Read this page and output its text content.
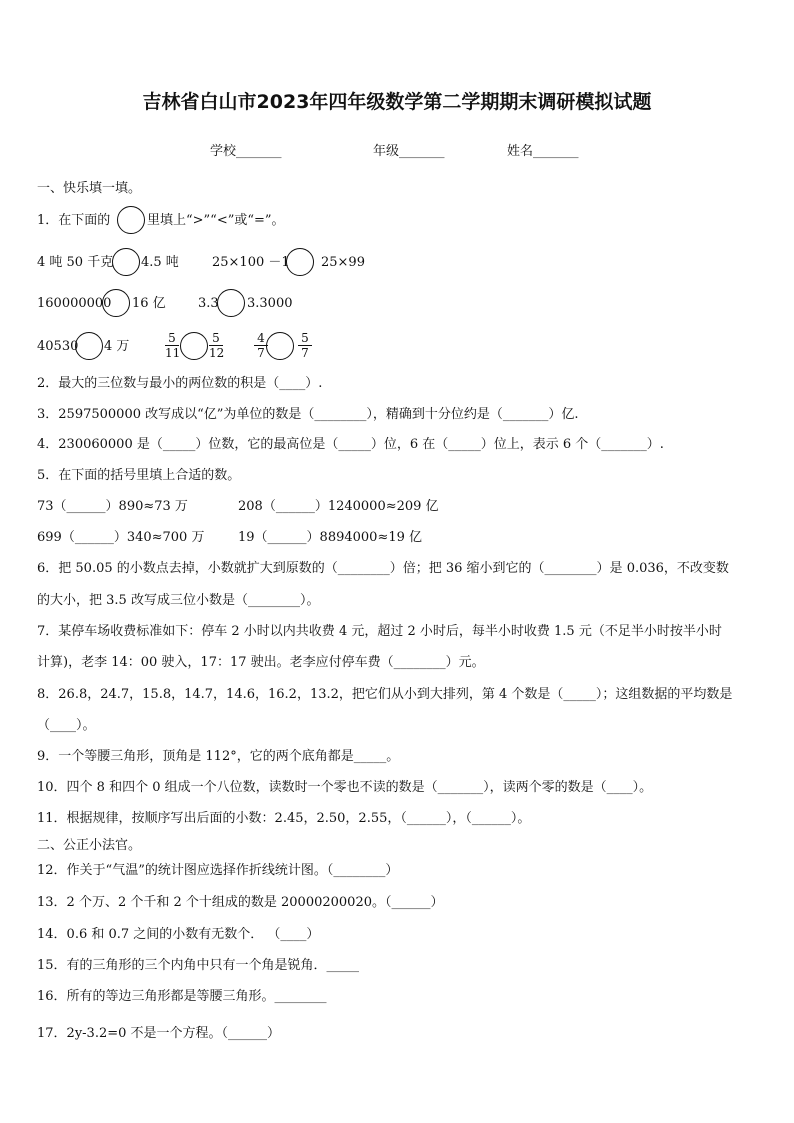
吉林省白山市2023年四年级数学第二学期期末调研模拟试题
学校_______	年级_______	姓名_______
一、快乐填一填。
1．在下面的	里填上“>”“<”或“=”。
4 吨 50 千克 4.5 吨	25×100 －1 25×99
160000000 16 亿 3.3 3.3000
40530 4 万	$\frac{5}{11}$	$\frac{5}{12}$	$\frac{4}{7}$	$\frac{5}{7}$
2．最大的三位数与最小的两位数的积是（____）.
3．2597500000 改写成以“亿”为单位的数是（________），精确到十分位约是（_______）亿.
4．230060000 是（_____）位数，它的最高位是（_____）位，6 在（_____）位上，表示 6 个（_______）.
5．在下面的括号里填上合适的数。
73（______）890≈73 万	208（______）1240000≈209 亿
699（______）340≈700 万	19（______）8894000≈19 亿
6．把 50.05 的小数点去掉，小数就扩大到原数的（________）倍；把 36 缩小到它的（________）是 0.036，不改变数
的大小，把 3.5 改写成三位小数是（________）。
7．某停车场收费标准如下：停车 2 小时以内共收费 4 元，超过 2 小时后，每半小时收费 1.5 元（不足半小时按半小时
计算)，老李 14：00 驶入，17：17 驶出。老李应付停车费（________）元。
8．26.8，24.7，15.8，14.7，14.6，16.2，13.2，把它们从小到大排列，第 4 个数是（_____）；这组数据的平均数是
（____）。
9．一个等腰三角形，顶角是 112°，它的两个底角都是_____。
10．四个 8 和四个 0 组成一个八位数，读数时一个零也不读的数是（_______），读两个零的数是（____）。
11．根据规律，按顺序写出后面的小数：2.45，2.50，2.55，（______），（______）。
二、公正小法官。
12．作关于“气温”的统计图应选择作折线统计图。（________）
13．2 个万、2 个千和 2 个十组成的数是 20000200020。（______）
14．0.6 和 0.7 之间的小数有无数个． （____）
15．有的三角形的三个内角中只有一个角是锐角．_____
16．所有的等边三角形都是等腰三角形。________
17．2y-3.2=0 不是一个方程。（______）
